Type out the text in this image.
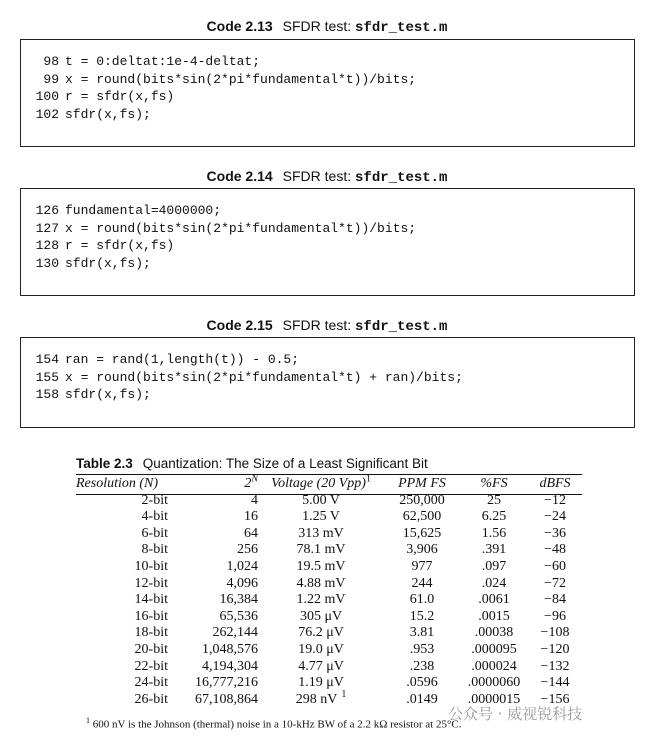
Code 2.13 SFDR test: sfdr_test.m
98 t = 0:deltat:1e-4-deltat;
99 x = round(bits*sin(2*pi*fundamental*t))/bits;
100 r = sfdr(x,fs)
102 sfdr(x,fs);
Code 2.14 SFDR test: sfdr_test.m
126 fundamental=4000000;
127 x = round(bits*sin(2*pi*fundamental*t))/bits;
128 r = sfdr(x,fs)
130 sfdr(x,fs);
Code 2.15 SFDR test: sfdr_test.m
154 ran = rand(1,length(t)) - 0.5;
155 x = round(bits*sin(2*pi*fundamental*t) + ran)/bits;
158 sfdr(x,fs);
Table 2.3 Quantization: The Size of a Least Significant Bit
Resolution (N)	$2^N$	Voltage (20 Vpp)$^1$	PPM FS	%FS	dBFS
2-bit	4	5.00 V	250,000	25	−12
4-bit	16	1.25 V	62,500	6.25	−24
6-bit	64	313 mV	15,625	1.56	−36
8-bit	256	78.1 mV	3,906	.391	−48
10-bit	1,024	19.5 mV	977	.097	−60
12-bit	4,096	4.88 mV	244	.024	−72
14-bit	16,384	1.22 mV	61.0	.0061	−84
16-bit	65,536	305 μV	15.2	.0015	−96
18-bit	262,144	76.2 μV	3.81	.00038	−108
20-bit	1,048,576	19.0 μV	.953	.000095	−120
22-bit	4,194,304	4.77 μV	.238	.000024	−132
24-bit	16,777,216	1.19 μV	.0596	.0000060	−144
26-bit	67,108,864	298 nV $^1$	.0149	.0000015	−156
$^1$ 600 nV is the Johnson (thermal) noise in a 10-kHz BW of a 2.2 kΩ resistor at 25°C.
公众号 · 威视锐科技
